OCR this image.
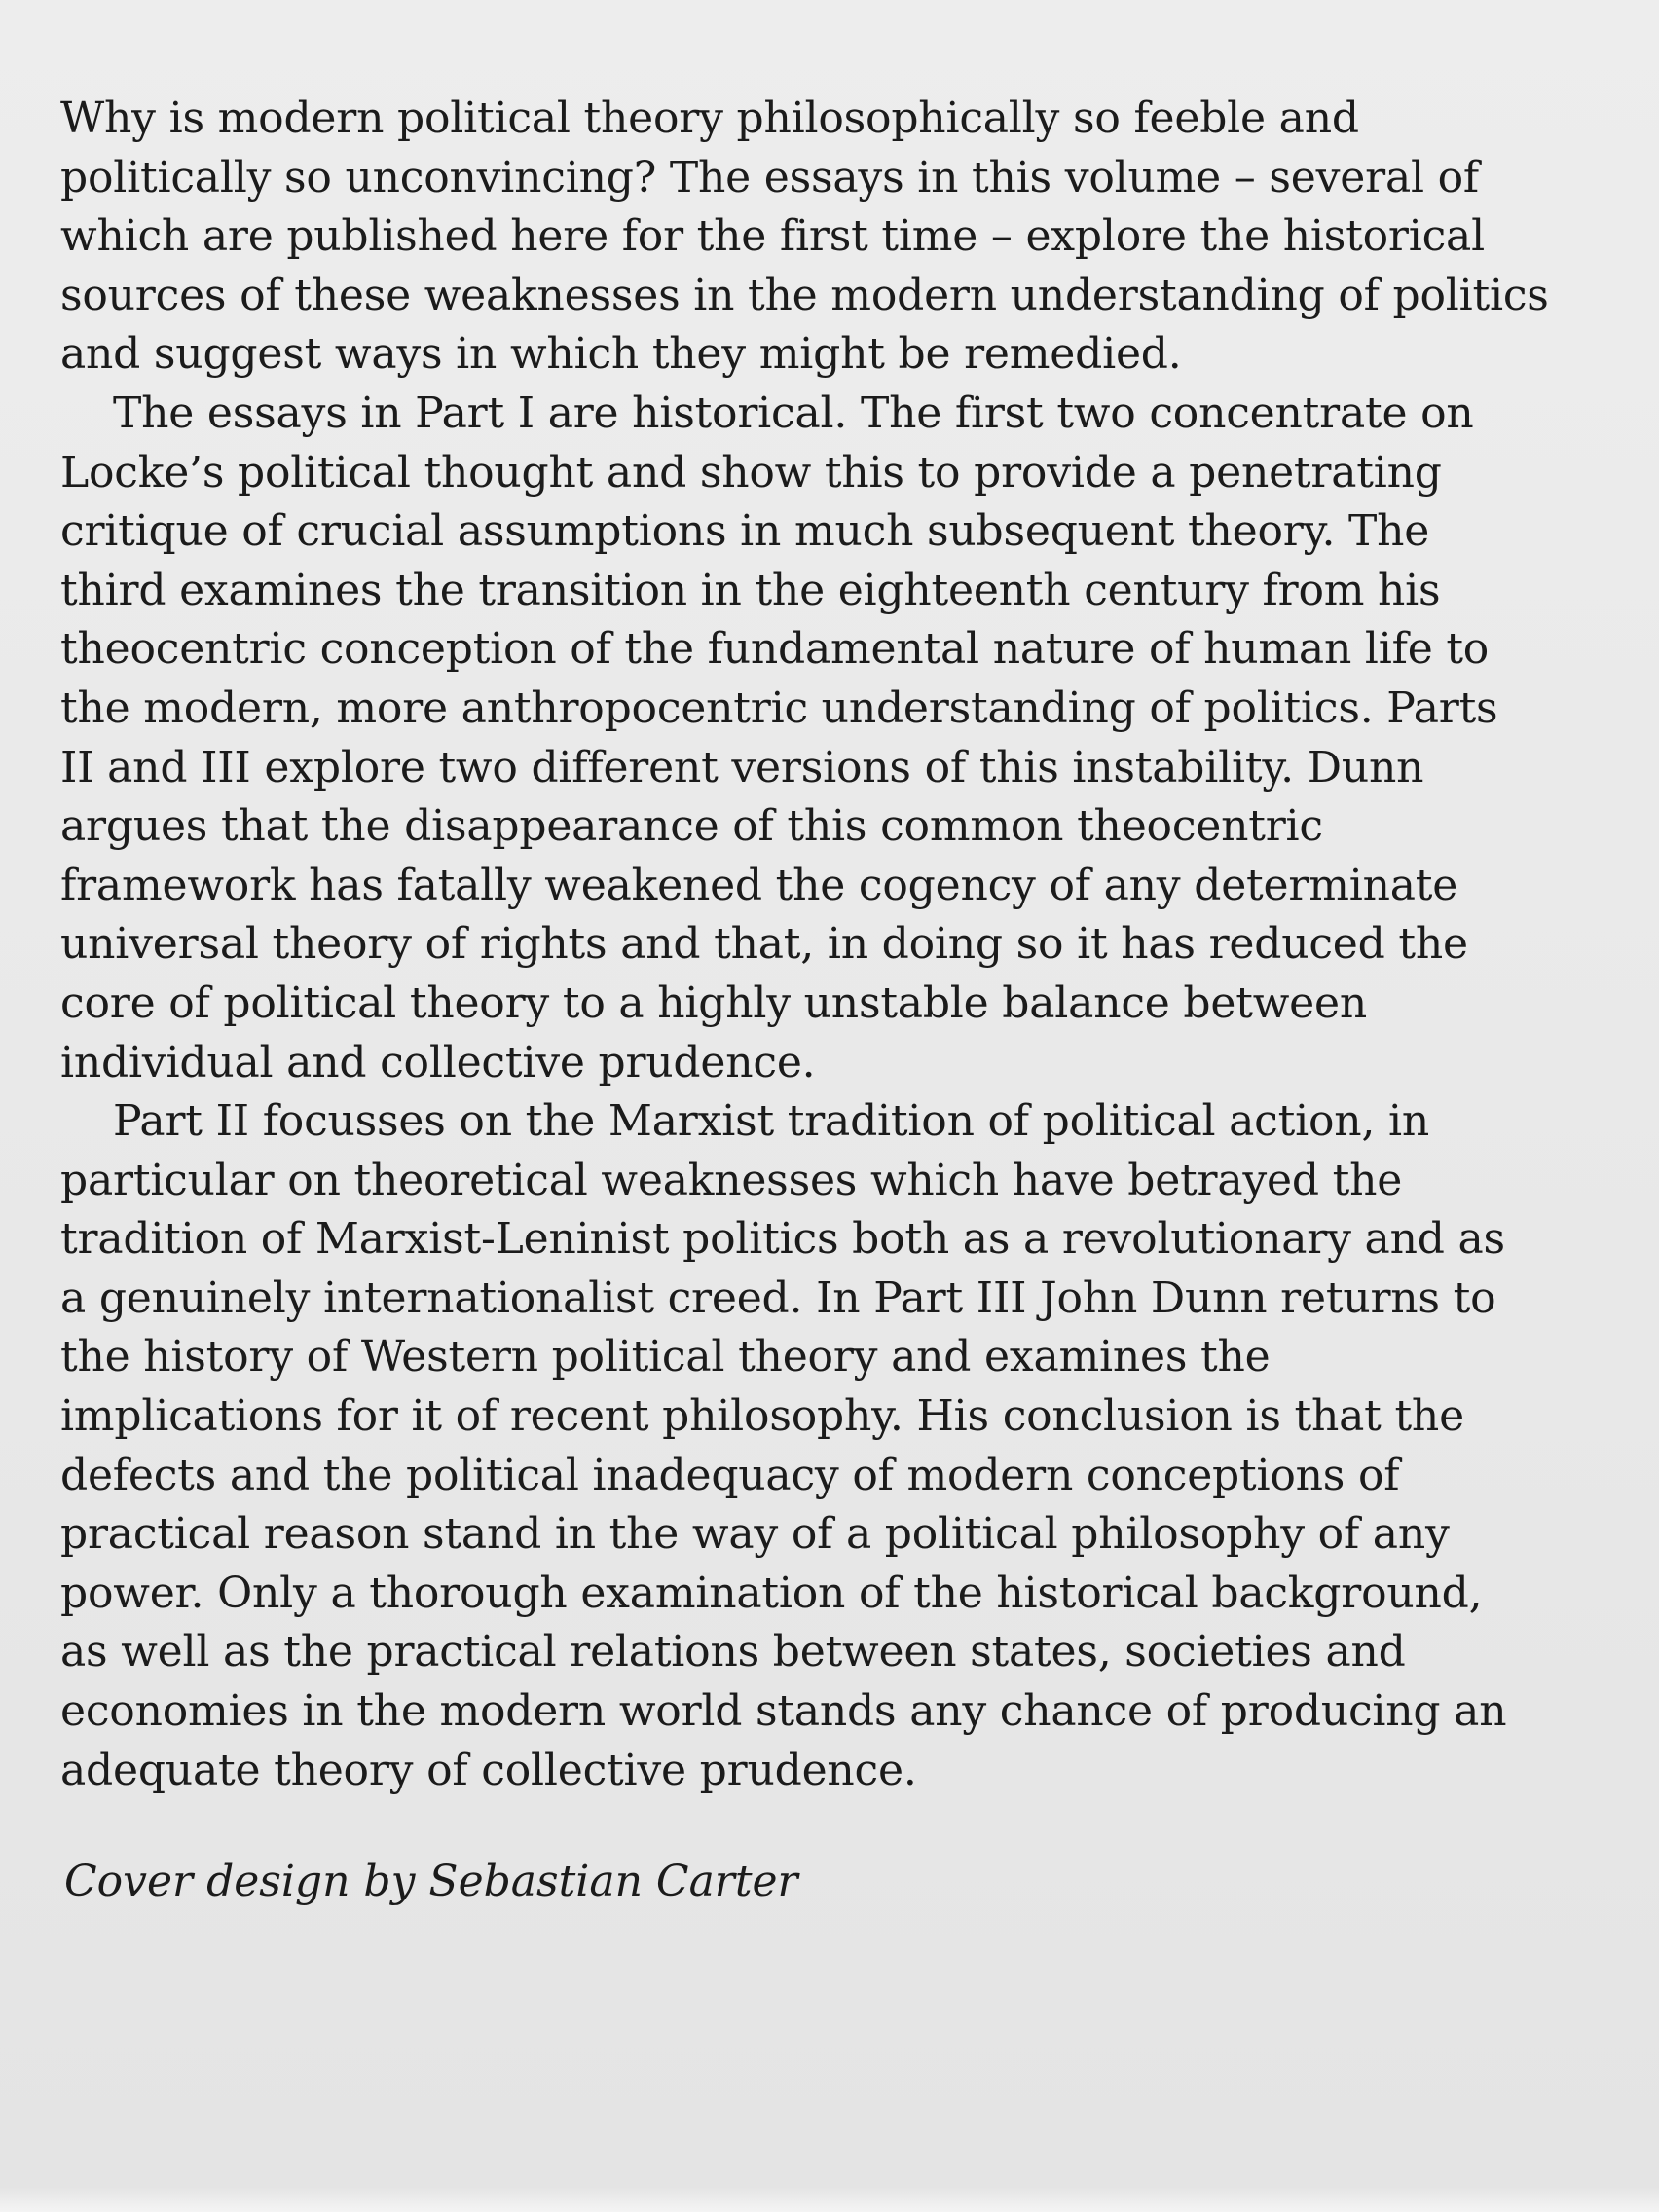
Why is modern political theory philosophically so feeble and
politically so unconvincing? The essays in this volume – several of
which are published here for the first time – explore the historical
sources of these weaknesses in the modern understanding of politics
and suggest ways in which they might be remedied.
The essays in Part I are historical. The first two concentrate on
Locke’s political thought and show this to provide a penetrating
critique of crucial assumptions in much subsequent theory. The
third examines the transition in the eighteenth century from his
theocentric conception of the fundamental nature of human life to
the modern, more anthropocentric understanding of politics. Parts
II and III explore two different versions of this instability. Dunn
argues that the disappearance of this common theocentric
framework has fatally weakened the cogency of any determinate
universal theory of rights and that, in doing so it has reduced the
core of political theory to a highly unstable balance between
individual and collective prudence.
Part II focusses on the Marxist tradition of political action, in
particular on theoretical weaknesses which have betrayed the
tradition of Marxist-Leninist politics both as a revolutionary and as
a genuinely internationalist creed. In Part III John Dunn returns to
the history of Western political theory and examines the
implications for it of recent philosophy. His conclusion is that the
defects and the political inadequacy of modern conceptions of
practical reason stand in the way of a political philosophy of any
power. Only a thorough examination of the historical background,
as well as the practical relations between states, societies and
economies in the modern world stands any chance of producing an
adequate theory of collective prudence.
Cover design by Sebastian Carter
